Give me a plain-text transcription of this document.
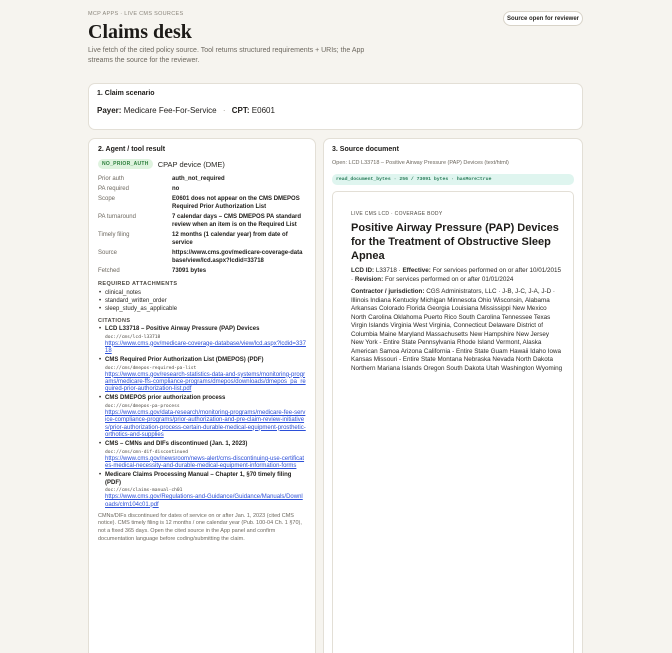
MCP APPS · LIVE CMS SOURCES
Claims desk

Live fetch of the cited policy source. Tool returns structured requirements + URIs; the App streams the source for the reviewer.

Source open for reviewer
1. Claim scenario
Payer: Medicare Fee-For-Service · CPT: E0601
2. Agent / tool result
NO_PRIOR_AUTH	CPAP device (DME)
Prior auth	auth_not_required
PA required	no
Scope	E0601 does not appear on the CMS DMEPOS Required Prior Authorization List
PA turnaround	7 calendar days – CMS DMEPOS PA standard review when an item is on the Required List
Timely filing	12 months (1 calendar year) from date of service
Source	https://www.cms.gov/medicare-coverage-database/view/lcd.aspx?lcdid=33718
Fetched	73091 bytes
REQUIRED ATTACHMENTS
• clinical_notes
• standard_written_order
• sleep_study_as_applicable
CITATIONS
• LCD L33718 – Positive Airway Pressure (PAP) Devices
doc://cms/lcd-l33718
https://www.cms.gov/medicare-coverage-database/view/lcd.aspx?lcdid=33718
• CMS Required Prior Authorization List (DMEPOS) (PDF)
doc://cms/dmepos-required-pa-list
https://www.cms.gov/research-statistics-data-and-systems/monitoring-programs/medicare-ffs-compliance-programs/dmepos/downloads/dmepos_pa_required-prior-authorization-list.pdf
• CMS DMEPOS prior authorization process
doc://cms/dmepos-pa-process
https://www.cms.gov/data-research/monitoring-programs/medicare-fee-service-compliance-programs/prior-authorization-and-pre-claim-review-initiatives/prior-authorization-process-certain-durable-medical-equipment-prosthetic-orthotics-and-supplies
• CMS – CMNs and DIFs discontinued (Jan. 1, 2023)
doc://cms/cmn-dif-discontinued
https://www.cms.gov/newsroom/news-alert/cms-discontinuing-use-certificates-medical-necessity-and-durable-medical-equipment-information-forms
• Medicare Claims Processing Manual – Chapter 1, §70 timely filing (PDF)
doc://cms/claims-manual-ch01
https://www.cms.gov/Regulations-and-Guidance/Guidance/Manuals/Downloads/clm104c01.pdf

CMNs/DIFs discontinued for dates of service on or after Jan. 1, 2023 (cited CMS notice). CMS timely filing is 12 months / one calendar year (Pub. 100-04 Ch. 1 §70), not a fixed 365 days. Open the cited source in the App panel and confirm documentation language before coding/submitting the claim.

3. Source document
Open: LCD L33718 – Positive Airway Pressure (PAP) Devices (text/html)
read_document_bytes · 256 / 73091 bytes · hasMore=true
LIVE CMS LCD · COVERAGE BODY
Positive Airway Pressure (PAP) Devices for the Treatment of Obstructive Sleep Apnea

LCD ID: L33718 · Effective: For services performed on or after 10/01/2015 · Revision: For services performed on or after 01/01/2024

Contractor / jurisdiction: CGS Administrators, LLC · J-B, J-C, J-A, J-D · Illinois Indiana Kentucky Michigan Minnesota Ohio Wisconsin, Alabama Arkansas Colorado Florida Georgia Louisiana Mississippi New Mexico North Carolina Oklahoma Puerto Rico South Carolina Tennessee Texas Virgin Islands Virginia West Virginia, Connecticut Delaware District of Columbia Maine Maryland Massachusetts New Hampshire New Jersey New York - Entire State Pennsylvania Rhode Island Vermont, Alaska American Samoa Arizona California - Entire State Guam Hawaii Idaho Iowa Kansas Missouri - Entire State Montana Nebraska Nevada North Dakota Northern Mariana Islands Oregon South Dakota Utah Washington Wyoming
